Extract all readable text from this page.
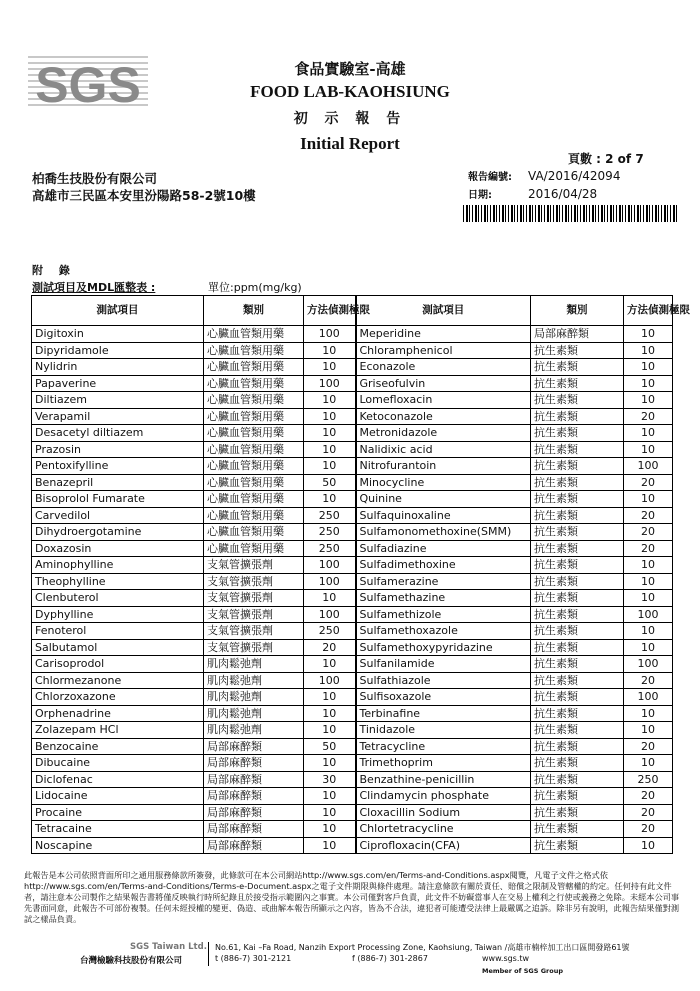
SGS	食品實驗室-高雄
FOOD LAB-KAOHSIUNG
初 示 報 告
Initial Report
頁數 : 2 of 7
柏喬生技股份有限公司
高雄市三民區本安里汾陽路58-2號10樓
報告編號: VA/2016/42094
日期:	2016/04/28
附 錄
測試項目及MDL匯整表 :	單位:ppm(mg/kg)
測試項目	類別	方法偵測極限	測試項目	類別	方法偵測極限
Digitoxin	心臟血管類用藥	100	Meperidine	局部麻醉類	10
Dipyridamole	心臟血管類用藥	10	Chloramphenicol	抗生素類	10
Nylidrin	心臟血管類用藥	10	Econazole	抗生素類	10
Papaverine	心臟血管類用藥	100	Griseofulvin	抗生素類	10
Diltiazem	心臟血管類用藥	10	Lomefloxacin	抗生素類	10
Verapamil	心臟血管類用藥	10	Ketoconazole	抗生素類	20
Desacetyl diltiazem	心臟血管類用藥	10	Metronidazole	抗生素類	10
Prazosin	心臟血管類用藥	10	Nalidixic acid	抗生素類	10
Pentoxifylline	心臟血管類用藥	10	Nitrofurantoin	抗生素類	100
Benazepril	心臟血管類用藥	50	Minocycline	抗生素類	20
Bisoprolol Fumarate	心臟血管類用藥	10	Quinine	抗生素類	10
Carvedilol	心臟血管類用藥	250	Sulfaquinoxaline	抗生素類	20
Dihydroergotamine	心臟血管類用藥	250	Sulfamonomethoxine(SMM)	抗生素類	20
Doxazosin	心臟血管類用藥	250	Sulfadiazine	抗生素類	20
Aminophylline	支氣管擴張劑	100	Sulfadimethoxine	抗生素類	10
Theophylline	支氣管擴張劑	100	Sulfamerazine	抗生素類	10
Clenbuterol	支氣管擴張劑	10	Sulfamethazine	抗生素類	10
Dyphylline	支氣管擴張劑	100	Sulfamethizole	抗生素類	100
Fenoterol	支氣管擴張劑	250	Sulfamethoxazole	抗生素類	10
Salbutamol	支氣管擴張劑	20	Sulfamethoxypyridazine	抗生素類	10
Carisoprodol	肌肉鬆弛劑	10	Sulfanilamide	抗生素類	100
Chlormezanone	肌肉鬆弛劑	100	Sulfathiazole	抗生素類	20
Chlorzoxazone	肌肉鬆弛劑	10	Sulfisoxazole	抗生素類	100
Orphenadrine	肌肉鬆弛劑	10	Terbinafine	抗生素類	10
Zolazepam HCl	肌肉鬆弛劑	10	Tinidazole	抗生素類	10
Benzocaine	局部麻醉類	50	Tetracycline	抗生素類	20
Dibucaine	局部麻醉類	10	Trimethoprim	抗生素類	10
Diclofenac	局部麻醉類	30	Benzathine-penicillin	抗生素類	250
Lidocaine	局部麻醉類	10	Clindamycin phosphate	抗生素類	20
Procaine	局部麻醉類	10	Cloxacillin Sodium	抗生素類	20
Tetracaine	局部麻醉類	10	Chlortetracycline	抗生素類	20
Noscapine	局部麻醉類	10	Ciprofloxacin(CFA)	抗生素類	10
此報告是本公司依照背面所印之通用服務條款所簽發，此條款可在本公司網站http://www.sgs.com/en/Terms-and-Conditions.aspx閱覽，凡電子文件之格式依http://www.sgs.com/en/Terms-and-Conditions/Terms-e-Document.aspx之電子文件期限與條件處理。請注意條款有關於責任、賠償之限制及管轄權的約定。任何持有此文件者，請注意本公司製作之結果報告書將僅反映執行時所紀錄且於接受指示範圍內之事實。本公司僅對客戶負責，此文件不妨礙當事人在交易上權利之行使或義務之免除。未經本公司事先書面同意，此報告不可部份複製。任何未經授權的變更、偽造、或曲解本報告所顯示之內容，皆為不合法，違犯者可能遭受法律上最嚴厲之追訴。除非另有說明，此報告結果僅對測試之樣品負責。
SGS Taiwan Ltd.
台灣檢驗科技股份有限公司
No.61, Kai –Fa Road, Nanzih Export Processing Zone, Kaohsiung, Taiwan /高雄市楠梓加工出口區開發路61號
t (886-7) 301-2121	f (886-7) 301-2867	www.sgs.tw
Member of SGS Group
